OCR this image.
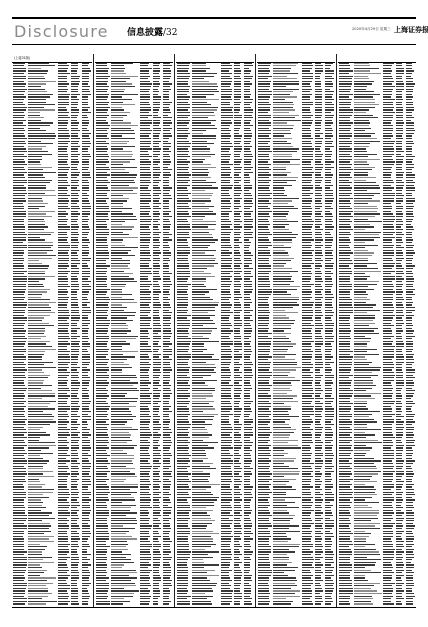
Disclosure 信息披露/32	2020年4月29日 星期三 上海证券报
(上接31版)
